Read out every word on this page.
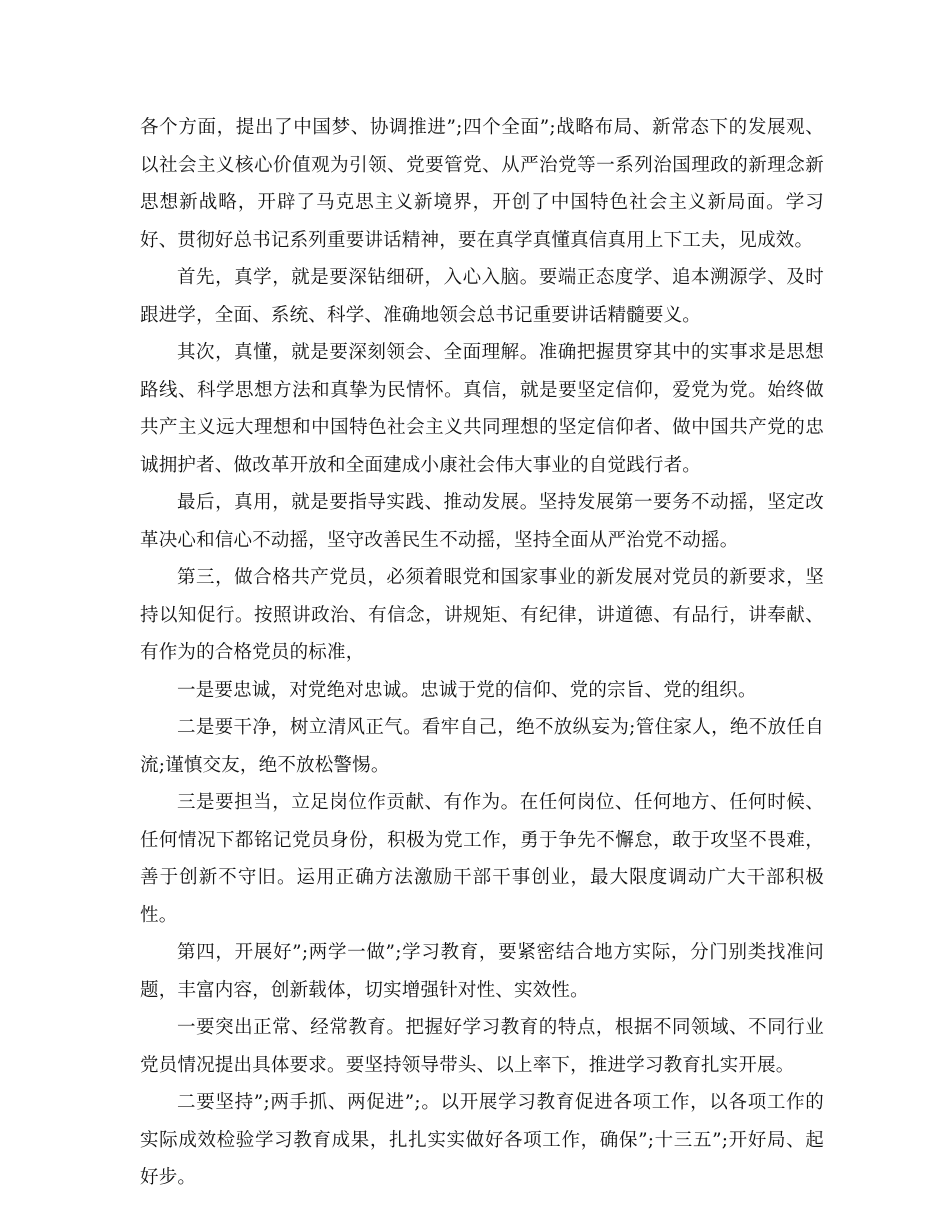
各个方面，提出了中国梦、协调推进”;四个全面”;战略布局、新常态下的发展观、以社会主义核心价值观为引领、党要管党、从严治党等一系列治国理政的新理念新思想新战略，开辟了马克思主义新境界，开创了中国特色社会主义新局面。学习好、贯彻好总书记系列重要讲话精神，要在真学真懂真信真用上下工夫，见成效。

首先，真学，就是要深钻细研，入心入脑。要端正态度学、追本溯源学、及时跟进学，全面、系统、科学、准确地领会总书记重要讲话精髓要义。

其次，真懂，就是要深刻领会、全面理解。准确把握贯穿其中的实事求是思想路线、科学思想方法和真挚为民情怀。真信，就是要坚定信仰，爱党为党。始终做共产主义远大理想和中国特色社会主义共同理想的坚定信仰者、做中国共产党的忠诚拥护者、做改革开放和全面建成小康社会伟大事业的自觉践行者。

最后，真用，就是要指导实践、推动发展。坚持发展第一要务不动摇，坚定改革决心和信心不动摇，坚守改善民生不动摇，坚持全面从严治党不动摇。

第三，做合格共产党员，必须着眼党和国家事业的新发展对党员的新要求，坚持以知促行。按照讲政治、有信念，讲规矩、有纪律，讲道德、有品行，讲奉献、有作为的合格党员的标准，

一是要忠诚，对党绝对忠诚。忠诚于党的信仰、党的宗旨、党的组织。

二是要干净，树立清风正气。看牢自己，绝不放纵妄为;管住家人，绝不放任自流;谨慎交友，绝不放松警惕。

三是要担当，立足岗位作贡献、有作为。在任何岗位、任何地方、任何时候、任何情况下都铭记党员身份，积极为党工作，勇于争先不懈怠，敢于攻坚不畏难，善于创新不守旧。运用正确方法激励干部干事创业，最大限度调动广大干部积极性。

第四，开展好”;两学一做”;学习教育，要紧密结合地方实际，分门别类找准问题，丰富内容，创新载体，切实增强针对性、实效性。

一要突出正常、经常教育。把握好学习教育的特点，根据不同领域、不同行业党员情况提出具体要求。要坚持领导带头、以上率下，推进学习教育扎实开展。

二要坚持”;两手抓、两促进”;。以开展学习教育促进各项工作，以各项工作的实际成效检验学习教育成果，扎扎实实做好各项工作，确保”;十三五”;开好局、起好步。
